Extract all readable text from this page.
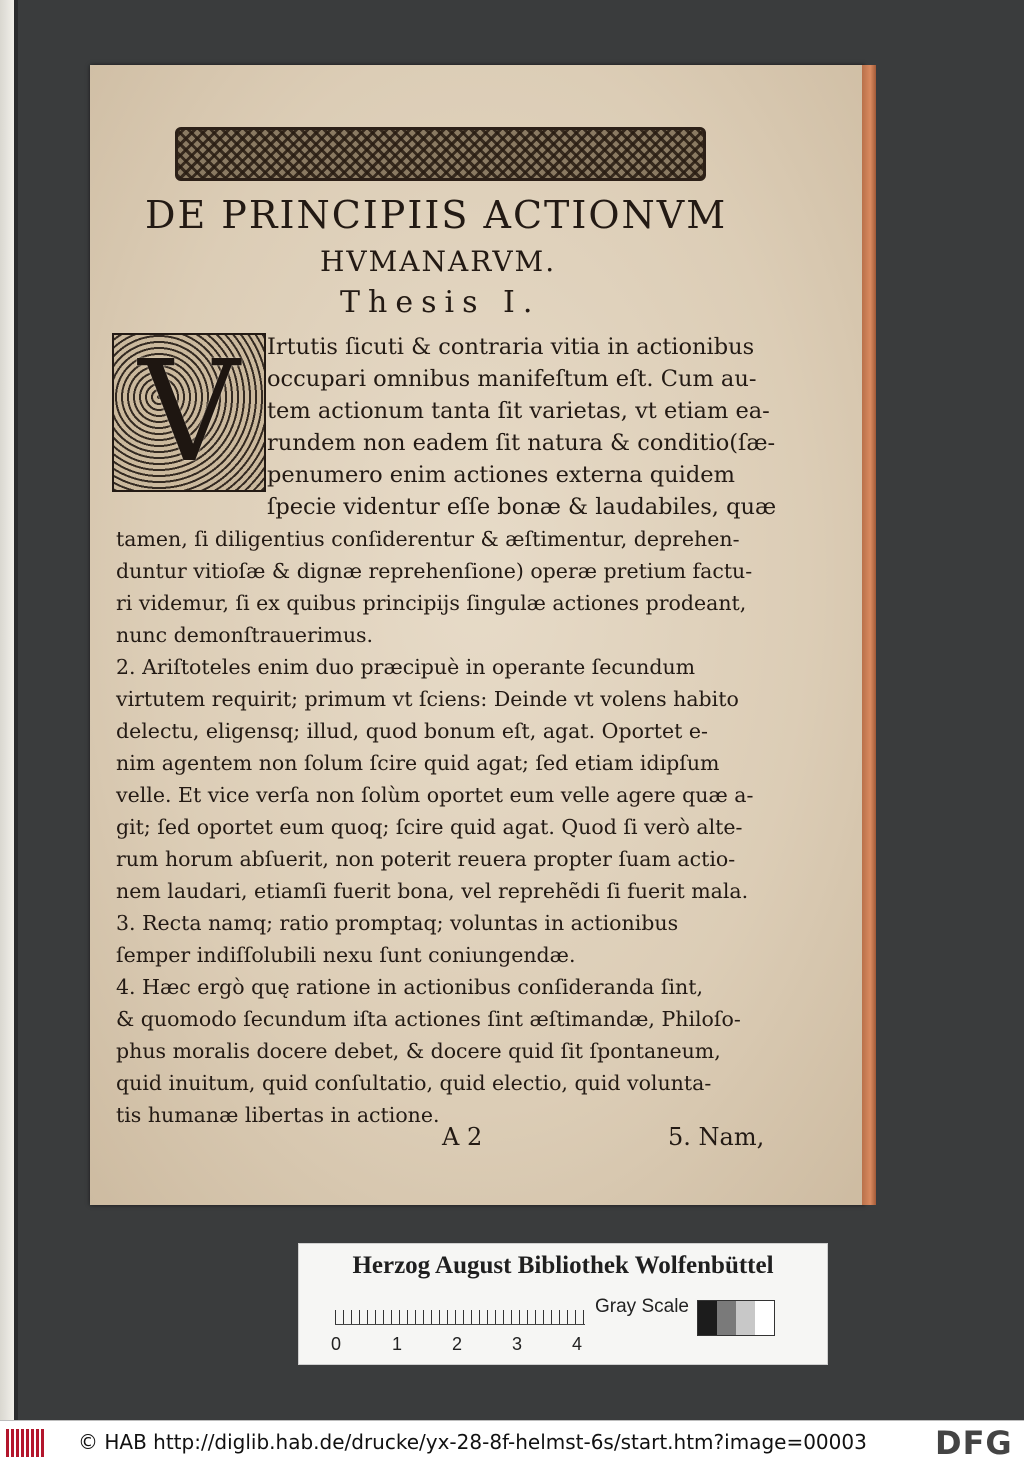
DE PRINCIPIIS ACTIONVM
HVMANARVM.
Thesis I.
V Irtutis ſicuti & contraria vitia in actionibus
occupari omnibus manifeſtum eſt. Cum au-
tem actionum tanta ſit varietas, vt etiam ea-
rundem non eadem ſit natura & conditio(ſæ-
penumero enim actiones externa quidem
ſpecie videntur eſſe bonæ & laudabiles, quæ
tamen, ſi diligentius conſiderentur & æſtimentur, deprehen-
duntur vitioſæ & dignæ reprehenſione) operæ pretium factu-
ri videmur, ſi ex quibus principijs ſingulæ actiones prodeant,
nunc demonſtrauerimus.
2. Ariſtoteles enim duo præcipuè in operante ſecundum
virtutem requirit; primum vt ſciens: Deinde vt volens habito
delectu, eligensq; illud, quod bonum eſt, agat. Oportet e-
nim agentem non ſolum ſcire quid agat; ſed etiam idipſum
velle. Et vice verſa non ſolùm oportet eum velle agere quæ a-
git; ſed oportet eum quoq; ſcire quid agat. Quod ſi verò alte-
rum horum abſuerit, non poterit reuera propter ſuam actio-
nem laudari, etiamſi fuerit bona, vel reprehẽdi ſi fuerit mala.
3. Recta namq; ratio promptaq; voluntas in actionibus
ſemper indiſſolubili nexu ſunt coniungendæ.
4. Hæc ergò quę ratione in actionibus conſideranda ſint,
& quomodo ſecundum iſta actiones ſint æſtimandæ, Philoſo-
phus moralis docere debet, & docere quid ſit ſpontaneum,
quid inuitum, quid conſultatio, quid electio, quid volunta-
tis humanæ libertas in actione.
A 2	5. Nam,
Herzog August Bibliothek Wolfenbüttel
0	1	2	3	4
Gray Scale
© HAB http://diglib.hab.de/drucke/yx-28-8f-helmst-6s/start.htm?image=00003 DFG
